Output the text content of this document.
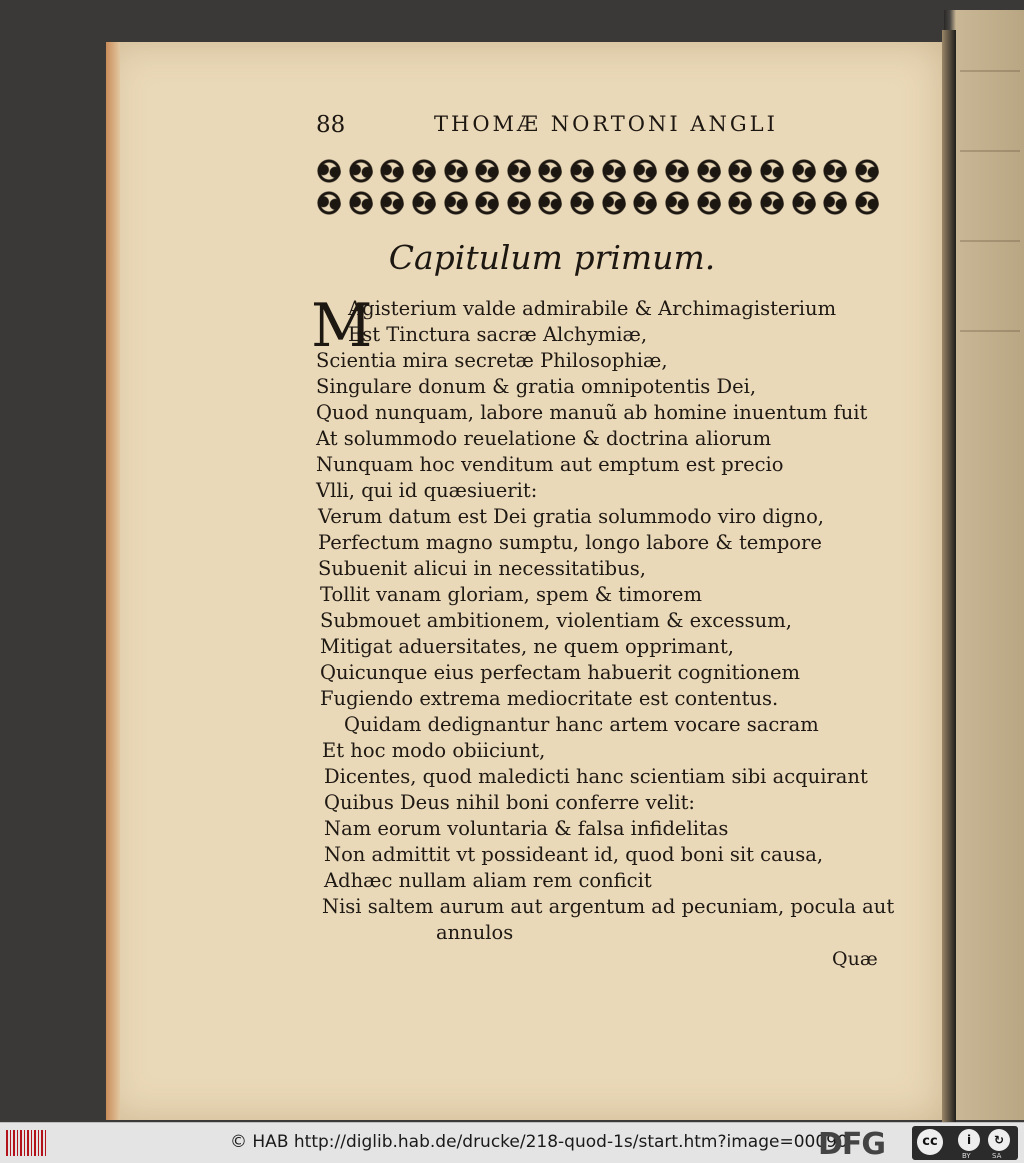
88	THOMÆ NORTONI ANGLI
Capitulum primum.
M
Agisterium valde admirabile & Archimagisterium
Est Tinctura sacræ Alchymiæ,
Scientia mira secretæ Philosophiæ,
Singulare donum & gratia omnipotentis Dei,
Quod nunquam, labore manuũ ab homine inuentum fuit
At solummodo reuelatione & doctrina aliorum
Nunquam hoc venditum aut emptum est precio
Vlli, qui id quæsiuerit:
Verum datum est Dei gratia solummodo viro digno,
Perfectum magno sumptu, longo labore & tempore
Subuenit alicui in necessitatibus,
Tollit vanam gloriam, spem & timorem
Submouet ambitionem, violentiam & excessum,
Mitigat aduersitates, ne quem opprimant,
Quicunque eius perfectam habuerit cognitionem
Fugiendo extrema mediocritate est contentus.
Quidam dedignantur hanc artem vocare sacram
Et hoc modo obiiciunt,
Dicentes, quod maledicti hanc scientiam sibi acquirant
Quibus Deus nihil boni conferre velit:
Nam eorum voluntaria & falsa infidelitas
Non admittit vt possideant id, quod boni sit causa,
Adhæc nullam aliam rem conficit
Nisi saltem aurum aut argentum ad pecuniam, pocula aut
annulos
Quæ
© HAB http://diglib.hab.de/drucke/218-quod-1s/start.htm?image=00090
DFG	cc	i	↻
BY	SA
